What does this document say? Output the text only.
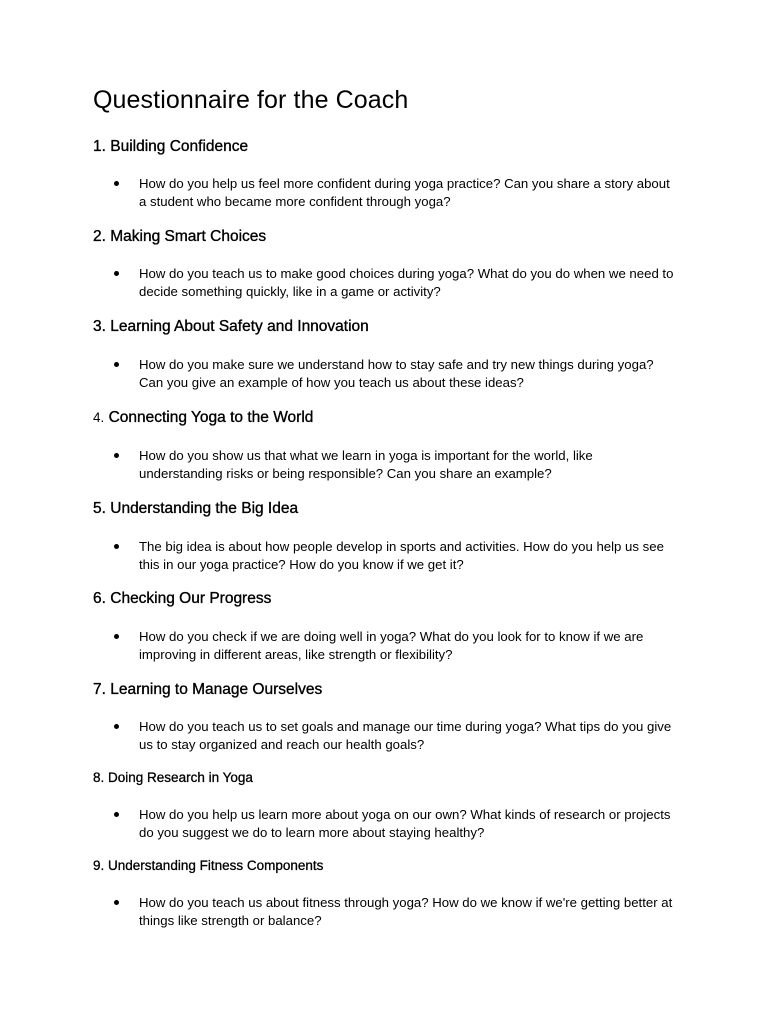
Questionnaire for the Coach
1. Building Confidence

How do you help us feel more confident during yoga practice? Can you share a story about a student who became more confident through yoga?

2. Making Smart Choices

How do you teach us to make good choices during yoga? What do you do when we need to decide something quickly, like in a game or activity?

3. Learning About Safety and Innovation

How do you make sure we understand how to stay safe and try new things during yoga? Can you give an example of how you teach us about these ideas?

4. Connecting Yoga to the World

How do you show us that what we learn in yoga is important for the world, like understanding risks or being responsible? Can you share an example?

5. Understanding the Big Idea

The big idea is about how people develop in sports and activities. How do you help us see this in our yoga practice? How do you know if we get it?

6. Checking Our Progress

How do you check if we are doing well in yoga? What do you look for to know if we are improving in different areas, like strength or flexibility?

7. Learning to Manage Ourselves

How do you teach us to set goals and manage our time during yoga? What tips do you give us to stay organized and reach our health goals?

8. Doing Research in Yoga

How do you help us learn more about yoga on our own? What kinds of research or projects do you suggest we do to learn more about staying healthy?

9. Understanding Fitness Components

How do you teach us about fitness through yoga? How do we know if we're getting better at things like strength or balance?
